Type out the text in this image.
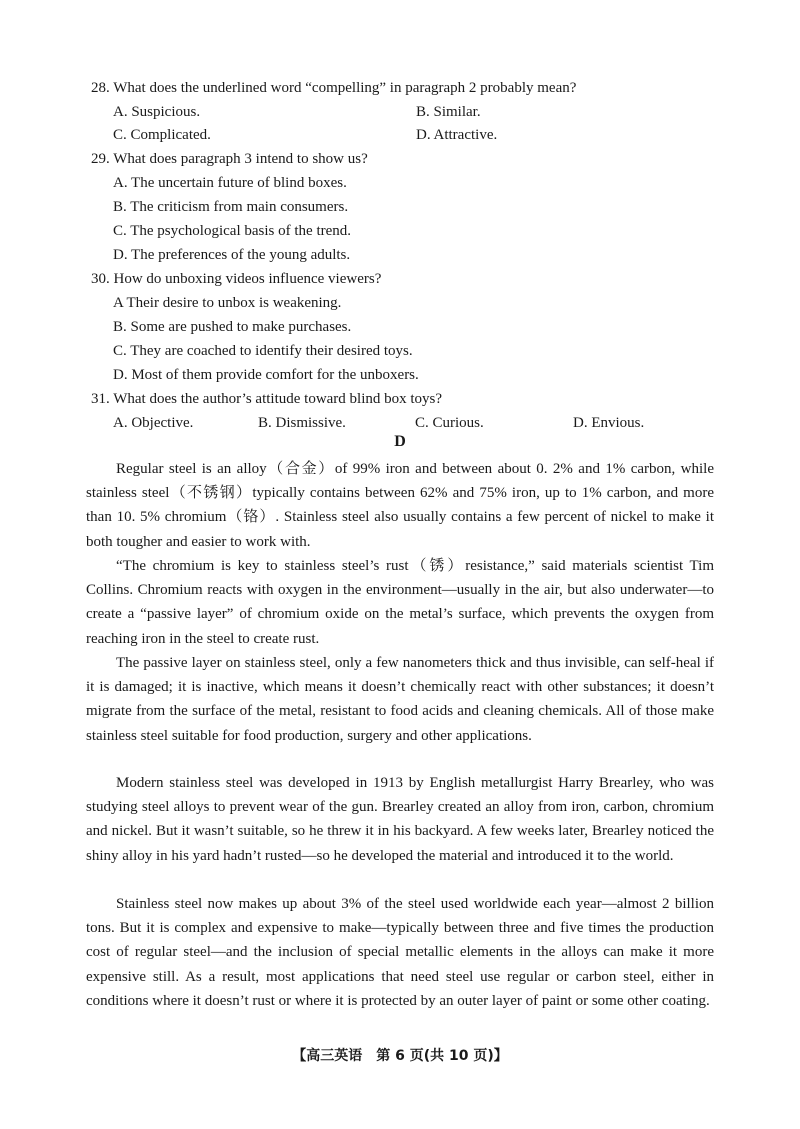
28. What does the underlined word “compelling” in paragraph 2 probably mean?
A. Suspicious.	B. Similar.
C. Complicated.	D. Attractive.
29. What does paragraph 3 intend to show us?
A. The uncertain future of blind boxes.
B. The criticism from main consumers.
C. The psychological basis of the trend.
D. The preferences of the young adults.
30. How do unboxing videos influence viewers?
A Their desire to unbox is weakening.
B. Some are pushed to make purchases.
C. They are coached to identify their desired toys.
D. Most of them provide comfort for the unboxers.
31. What does the author’s attitude toward blind box toys?
A. Objective.	B. Dismissive.	C. Curious.	D. Envious.
D

Regular steel is an alloy（合金）of 99% iron and between about 0. 2% and 1% carbon, while stainless steel（不锈钢）typically contains between 62% and 75% iron, up to 1% carbon, and more than 10. 5% chromium（铬）. Stainless steel also usually contains a few percent of nickel to make it both tougher and easier to work with.

“The chromium is key to stainless steel’s rust（锈）resistance,” said materials scientist Tim Collins. Chromium reacts with oxygen in the environment—usually in the air, but also underwater—to create a “passive layer” of chromium oxide on the metal’s surface, which prevents the oxygen from reaching iron in the steel to create rust.

The passive layer on stainless steel, only a few nanometers thick and thus invisible, can self-heal if it is damaged; it is inactive, which means it doesn’t chemically react with other substances; it doesn’t migrate from the surface of the metal, resistant to food acids and cleaning chemicals. All of those make stainless steel suitable for food production, surgery and other applications.

Modern stainless steel was developed in 1913 by English metallurgist Harry Brearley, who was studying steel alloys to prevent wear of the gun. Brearley created an alloy from iron, carbon, chromium and nickel. But it wasn’t suitable, so he threw it in his backyard. A few weeks later, Brearley noticed the shiny alloy in his yard hadn’t rusted—so he developed the material and introduced it to the world.

Stainless steel now makes up about 3% of the steel used worldwide each year—almost 2 billion tons. But it is complex and expensive to make—typically between three and five times the production cost of regular steel—and the inclusion of special metallic elements in the alloys can make it more expensive still. As a result, most applications that need steel use regular or carbon steel, either in conditions where it doesn’t rust or where it is protected by an outer layer of paint or some other coating.

【高三英语　第 6 页(共 10 页)】
